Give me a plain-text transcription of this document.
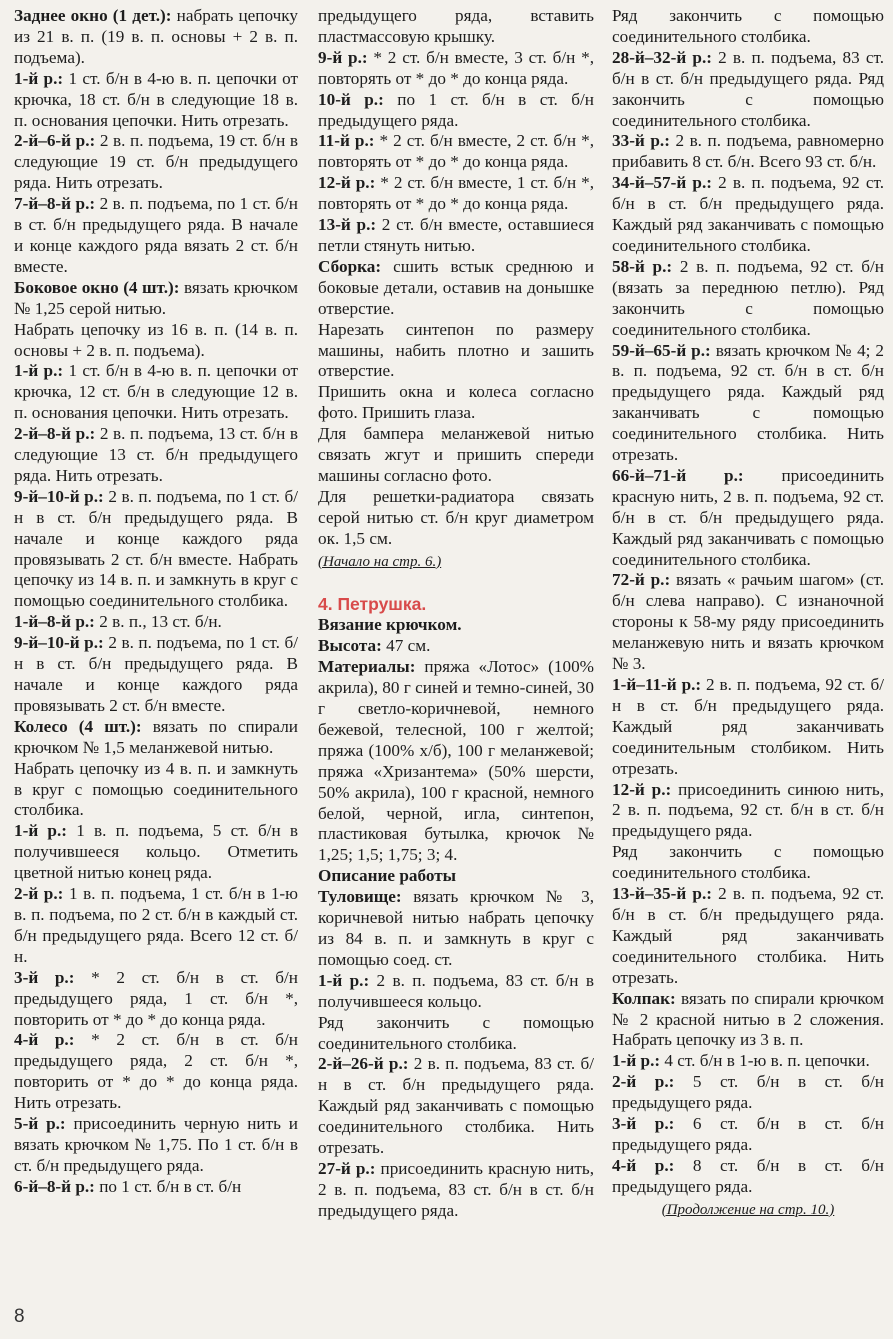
Заднее окно (1 дет.): набрать цепочку из 21 в. п. (19 в. п. основы + 2 в. п. подъема).

1-й р.: 1 ст. б/н в 4-ю в. п. цепочки от крючка, 18 ст. б/н в следующие 18 в. п. основания цепочки. Нить отрезать.

2-й–6-й р.: 2 в. п. подъема, 19 ст. б/н в следующие 19 ст. б/н предыдущего ряда. Нить отрезать.

7-й–8-й р.: 2 в. п. подъема, по 1 ст. б/н в ст. б/н предыдущего ряда. В начале и конце каждого ряда вязать 2 ст. б/н вместе.

Боковое окно (4 шт.): вязать крючком № 1,25 серой нитью.

Набрать цепочку из 16 в. п. (14 в. п. основы + 2 в. п. подъема).

1-й р.: 1 ст. б/н в 4-ю в. п. цепочки от крючка, 12 ст. б/н в следующие 12 в. п. основания цепочки. Нить отрезать.

2-й–8-й р.: 2 в. п. подъема, 13 ст. б/н в следующие 13 ст. б/н предыдущего ряда. Нить отрезать.

9-й–10-й р.: 2 в. п. подъема, по 1 ст. б/н в ст. б/н предыдущего ряда. В начале и конце каждого ряда провязывать 2 ст. б/н вместе. Набрать цепочку из 14 в. п. и замкнуть в круг с помощью соединительного столбика.

1-й–8-й р.: 2 в. п., 13 ст. б/н.

9-й–10-й р.: 2 в. п. подъема, по 1 ст. б/н в ст. б/н предыдущего ряда. В начале и конце каждого ряда провязывать 2 ст. б/н вместе.

Колесо (4 шт.): вязать по спирали крючком № 1,5 меланжевой нитью.

Набрать цепочку из 4 в. п. и замкнуть в круг с помощью соединительного столбика.

1-й р.: 1 в. п. подъема, 5 ст. б/н в получившееся кольцо. Отметить цветной нитью конец ряда.

2-й р.: 1 в. п. подъема, 1 ст. б/н в 1-ю в. п. подъема, по 2 ст. б/н в каждый ст. б/н предыдущего ряда. Всего 12 ст. б/н.

3-й р.: * 2 ст. б/н в ст. б/н предыдущего ряда, 1 ст. б/н *, повторить от * до * до конца ряда.

4-й р.: * 2 ст. б/н в ст. б/н предыдущего ряда, 2 ст. б/н *, повторить от * до * до конца ряда. Нить отрезать.

5-й р.: присоединить черную нить и вязать крючком № 1,75. По 1 ст. б/н в ст. б/н предыдущего ряда.

6-й–8-й р.: по 1 ст. б/н в ст. б/н

предыдущего ряда, вставить пластмассовую крышку.

9-й р.: * 2 ст. б/н вместе, 3 ст. б/н *, повторять от * до * до конца ряда.

10-й р.: по 1 ст. б/н в ст. б/н предыдущего ряда.

11-й р.: * 2 ст. б/н вместе, 2 ст. б/н *, повторять от * до * до конца ряда.

12-й р.: * 2 ст. б/н вместе, 1 ст. б/н *, повторять от * до * до конца ряда.

13-й р.: 2 ст. б/н вместе, оставшиеся петли стянуть нитью.

Сборка: сшить встык среднюю и боковые детали, оставив на донышке отверстие.

Нарезать синтепон по размеру машины, набить плотно и зашить отверстие.

Пришить окна и колеса согласно фото. Пришить глаза.

Для бампера меланжевой нитью связать жгут и пришить спереди машины согласно фото.

Для решетки-радиатора связать серой нитью ст. б/н круг диаметром ок. 1,5 см.

(Начало на стр. 6.)

4. Петрушка.

Вязание крючком.

Высота: 47 см.

Материалы: пряжа «Лотос» (100% акрила), 80 г синей и темно-синей, 30 г светло-коричневой, немного бежевой, телесной, 100 г желтой; пряжа (100% х/б), 100 г меланжевой; пряжа «Хризантема» (50% шерсти, 50% акрила), 100 г красной, немного белой, черной, игла, синтепон, пластиковая бутылка, крючок № 1,25; 1,5; 1,75; 3; 4.

Описание работы

Туловище: вязать крючком № 3, коричневой нитью набрать цепочку из 84 в. п. и замкнуть в круг с помощью соед. ст.

1-й р.: 2 в. п. подъема, 83 ст. б/н в получившееся кольцо.

Ряд закончить с помощью соединительного столбика.

2-й–26-й р.: 2 в. п. подъема, 83 ст. б/н в ст. б/н предыдущего ряда. Каждый ряд заканчивать с помощью соединительного столбика. Нить отрезать.

27-й р.: присоединить красную нить, 2 в. п. подъема, 83 ст. б/н в ст. б/н предыдущего ряда.

Ряд закончить с помощью соединительного столбика.

28-й–32-й р.: 2 в. п. подъема, 83 ст. б/н в ст. б/н предыдущего ряда. Ряд закончить с помощью соединительного столбика.

33-й р.: 2 в. п. подъема, равномерно прибавить 8 ст. б/н. Всего 93 ст. б/н.

34-й–57-й р.: 2 в. п. подъема, 92 ст. б/н в ст. б/н предыдущего ряда. Каждый ряд заканчивать с помощью соединительного столбика.

58-й р.: 2 в. п. подъема, 92 ст. б/н (вязать за переднюю петлю). Ряд закончить с помощью соединительного столбика.

59-й–65-й р.: вязать крючком № 4; 2 в. п. подъема, 92 ст. б/н в ст. б/н предыдущего ряда. Каждый ряд заканчивать с помощью соединительного столбика. Нить отрезать.

66-й–71-й р.: присоединить красную нить, 2 в. п. подъема, 92 ст. б/н в ст. б/н предыдущего ряда. Каждый ряд заканчивать с помощью соединительного столбика.

72-й р.: вязать « рачьим шагом» (ст. б/н слева направо). С изнаночной стороны к 58-му ряду присоединить меланжевую нить и вязать крючком № 3.

1-й–11-й р.: 2 в. п. подъема, 92 ст. б/н в ст. б/н предыдущего ряда. Каждый ряд заканчивать соединительным столбиком. Нить отрезать.

12-й р.: присоединить синюю нить, 2 в. п. подъема, 92 ст. б/н в ст. б/н предыдущего ряда.

Ряд закончить с помощью соединительного столбика.

13-й–35-й р.: 2 в. п. подъема, 92 ст. б/н в ст. б/н предыдущего ряда. Каждый ряд заканчивать соединительного столбика. Нить отрезать.

Колпак: вязать по спирали крючком № 2 красной нитью в 2 сложения. Набрать цепочку из 3 в. п.

1-й р.: 4 ст. б/н в 1-ю в. п. цепочки.

2-й р.: 5 ст. б/н в ст. б/н предыдущего ряда.

3-й р.: 6 ст. б/н в ст. б/н предыдущего ряда.

4-й р.: 8 ст. б/н в ст. б/н предыдущего ряда.

(Продолжение на стр. 10.)

8
